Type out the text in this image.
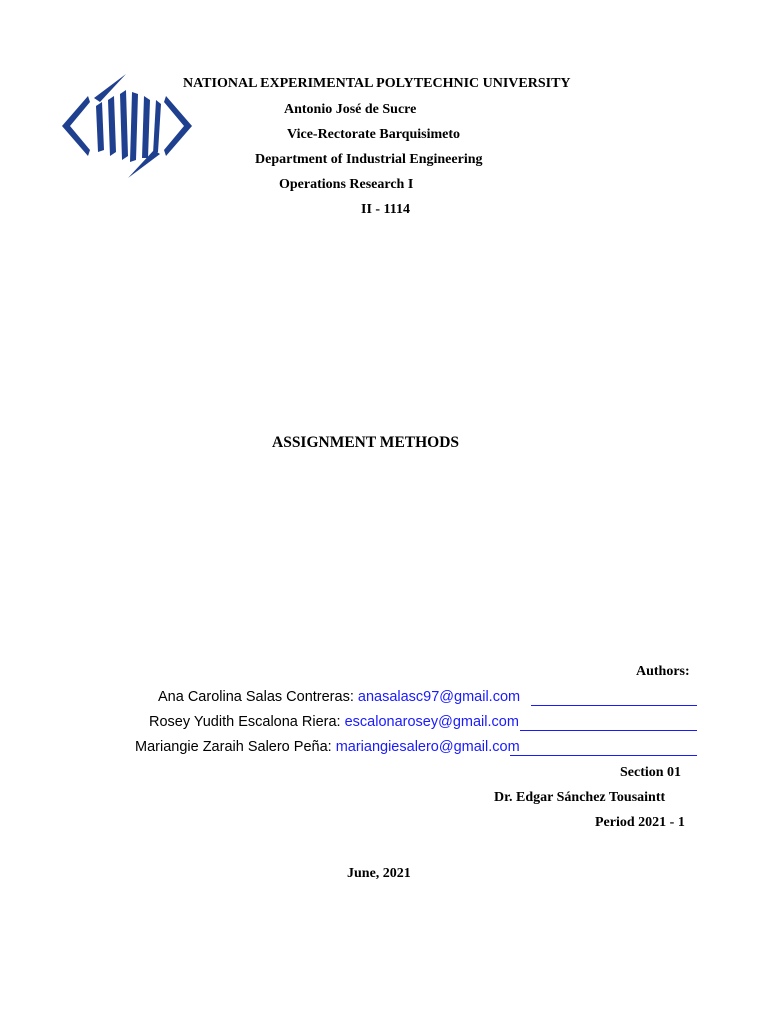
NATIONAL EXPERIMENTAL POLYTECHNIC UNIVERSITY
Antonio José de Sucre
Vice-Rectorate Barquisimeto
Department of Industrial Engineering
Operations Research I
II - 1114
ASSIGNMENT METHODS
Authors:
Ana Carolina Salas Contreras: anasalasc97@gmail.com
Rosey Yudith Escalona Riera: escalonarosey@gmail.com
Mariangie Zaraih Salero Peña: mariangiesalero@gmail.com
Section 01
Dr. Edgar Sánchez Tousaintt
Period 2021 - 1
June, 2021
